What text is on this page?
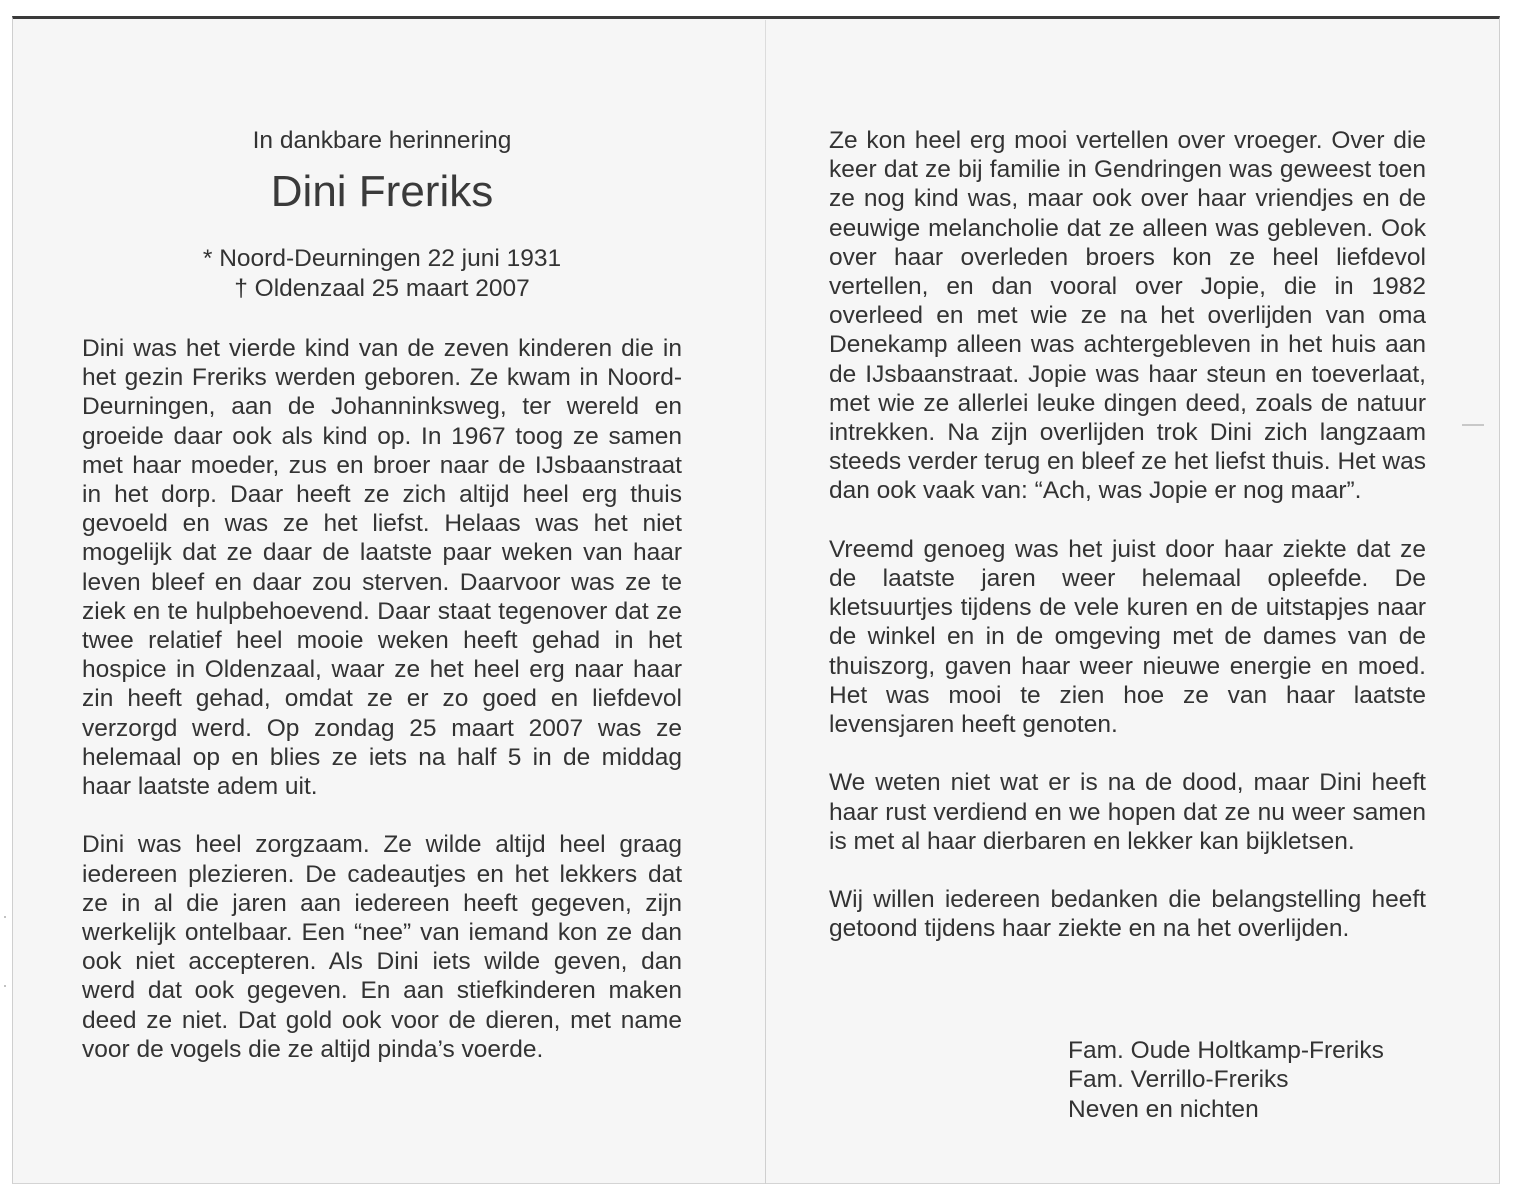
In dankbare herinnering
Dini Freriks
* Noord-Deurningen 22 juni 1931
† Oldenzaal 25 maart 2007

Dini was het vierde kind van de zeven kinderen die in het gezin Freriks werden geboren. Ze kwam in Noord-Deurningen, aan de Johanninksweg, ter wereld en groeide daar ook als kind op. In 1967 toog ze samen met haar moeder, zus en broer naar de IJsbaanstraat in het dorp. Daar heeft ze zich altijd heel erg thuis gevoeld en was ze het liefst. Helaas was het niet mogelijk dat ze daar de laatste paar weken van haar leven bleef en daar zou sterven. Daarvoor was ze te ziek en te hulpbehoevend. Daar staat tegenover dat ze twee relatief heel mooie weken heeft gehad in het hospice in Oldenzaal, waar ze het heel erg naar haar zin heeft gehad, omdat ze er zo goed en liefdevol verzorgd werd. Op zondag 25 maart 2007 was ze helemaal op en blies ze iets na half 5 in de middag haar laatste adem uit.

Dini was heel zorgzaam. Ze wilde altijd heel graag iedereen plezieren. De cadeautjes en het lekkers dat ze in al die jaren aan iedereen heeft gegeven, zijn werkelijk ontelbaar. Een “nee” van iemand kon ze dan ook niet accepteren. Als Dini iets wilde geven, dan werd dat ook gegeven. En aan stiefkinderen maken deed ze niet. Dat gold ook voor de dieren, met name voor de vogels die ze altijd pinda’s voerde.

Ze kon heel erg mooi vertellen over vroeger. Over die keer dat ze bij familie in Gendringen was geweest toen ze nog kind was, maar ook over haar vriendjes en de eeuwige melancholie dat ze alleen was gebleven. Ook over haar overleden broers kon ze heel liefdevol vertellen, en dan vooral over Jopie, die in 1982 overleed en met wie ze na het overlijden van oma Denekamp alleen was achtergebleven in het huis aan de IJsbaanstraat. Jopie was haar steun en toeverlaat, met wie ze allerlei leuke dingen deed, zoals de natuur intrekken. Na zijn overlijden trok Dini zich langzaam steeds verder terug en bleef ze het liefst thuis. Het was dan ook vaak van: “Ach, was Jopie er nog maar”.

Vreemd genoeg was het juist door haar ziekte dat ze de laatste jaren weer helemaal opleefde. De kletsuurtjes tijdens de vele kuren en de uitstapjes naar de winkel en in de omgeving met de dames van de thuiszorg, gaven haar weer nieuwe energie en moed. Het was mooi te zien hoe ze van haar laatste levensjaren heeft genoten.

We weten niet wat er is na de dood, maar Dini heeft haar rust verdiend en we hopen dat ze nu weer samen is met al haar dierbaren en lekker kan bijkletsen.

Wij willen iedereen bedanken die belangstelling heeft getoond tijdens haar ziekte en na het overlijden.

Fam. Oude Holtkamp-Freriks
Fam. Verrillo-Freriks
Neven en nichten
